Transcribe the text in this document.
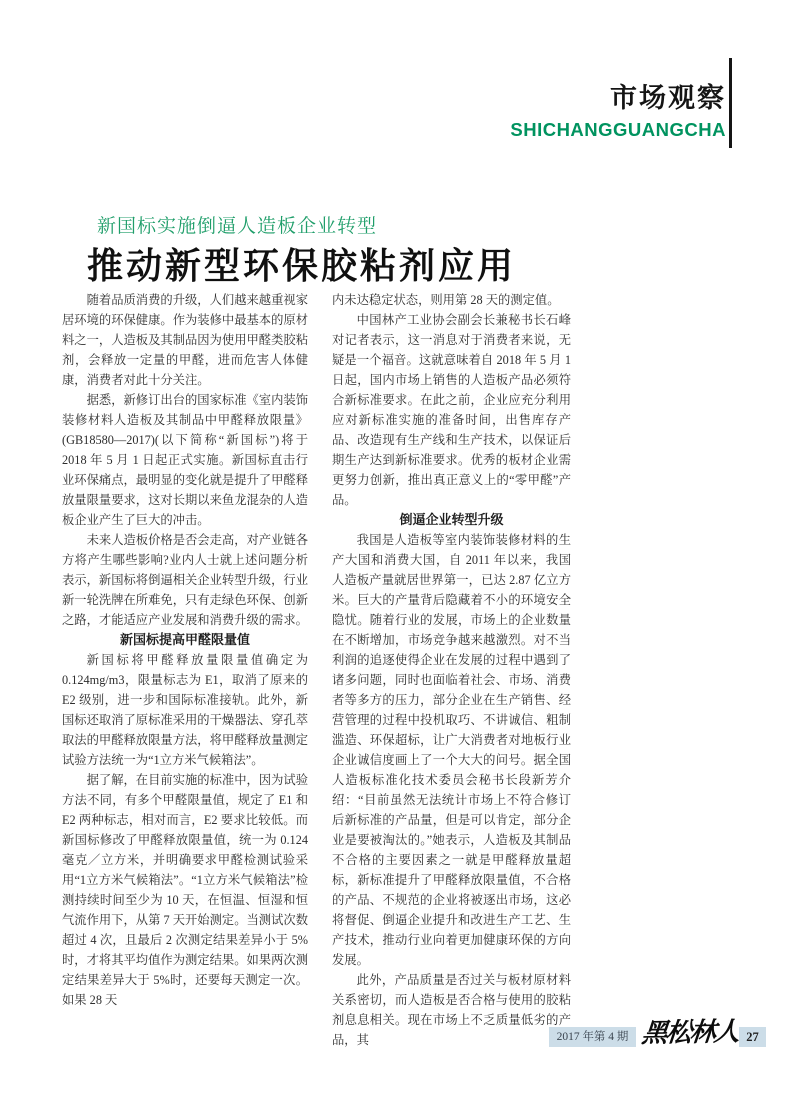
市场观察
SHICHANGGUANGCHA
新国标实施倒逼人造板企业转型
推动新型环保胶粘剂应用

随着品质消费的升级，人们越来越重视家居环境的环保健康。作为装修中最基本的原材料之一，人造板及其制品因为使用甲醛类胶粘剂，会释放一定量的甲醛，进而危害人体健康，消费者对此十分关注。

据悉，新修订出台的国家标准《室内装饰装修材料人造板及其制品中甲醛释放限量》(GB18580—2017)(以下简称“新国标”)将于 2018 年 5 月 1 日起正式实施。新国标直击行业环保痛点，最明显的变化就是提升了甲醛释放量限量要求，这对长期以来鱼龙混杂的人造板企业产生了巨大的冲击。

未来人造板价格是否会走高，对产业链各方将产生哪些影响?业内人士就上述问题分析表示，新国标将倒逼相关企业转型升级，行业新一轮洗牌在所难免，只有走绿色环保、创新之路，才能适应产业发展和消费升级的需求。

新国标提高甲醛限量值

新国标将甲醛释放量限量值确定为0.124mg/m3，限量标志为 E1，取消了原来的 E2 级别，进一步和国际标准接轨。此外，新国标还取消了原标准采用的干燥器法、穿孔萃取法的甲醛释放限量方法，将甲醛释放量测定试验方法统一为“1立方米气候箱法”。

据了解，在目前实施的标准中，因为试验方法不同，有多个甲醛限量值，规定了 E1 和 E2 两种标志，相对而言，E2 要求比较低。而新国标修改了甲醛释放限量值，统一为 0.124 毫克／立方米，并明确要求甲醛检测试验采用“1立方米气候箱法”。“1立方米气候箱法”检测持续时间至少为 10 天，在恒温、恒湿和恒气流作用下，从第 7 天开始测定。当测试次数超过 4 次，且最后 2 次测定结果差异小于 5%时，才将其平均值作为测定结果。如果两次测定结果差异大于 5%时，还要每天测定一次。如果 28 天

内未达稳定状态，则用第 28 天的测定值。

中国林产工业协会副会长兼秘书长石峰对记者表示，这一消息对于消费者来说，无疑是一个福音。这就意味着自 2018 年 5 月 1 日起，国内市场上销售的人造板产品必须符合新标准要求。在此之前，企业应充分利用应对新标准实施的准备时间，出售库存产品、改造现有生产线和生产技术，以保证后期生产达到新标准要求。优秀的板材企业需更努力创新，推出真正意义上的“零甲醛”产品。

倒逼企业转型升级

我国是人造板等室内装饰装修材料的生产大国和消费大国，自 2011 年以来，我国人造板产量就居世界第一，已达 2.87 亿立方米。巨大的产量背后隐藏着不小的环境安全隐忧。随着行业的发展，市场上的企业数量在不断增加，市场竞争越来越激烈。对不当利润的追逐使得企业在发展的过程中遇到了诸多问题，同时也面临着社会、市场、消费者等多方的压力，部分企业在生产销售、经营管理的过程中投机取巧、不讲诚信、粗制滥造、环保超标，让广大消费者对地板行业企业诚信度画上了一个大大的问号。据全国人造板标准化技术委员会秘书长段新芳介绍：“目前虽然无法统计市场上不符合修订后新标准的产品量，但是可以肯定，部分企业是要被淘汰的。”她表示，人造板及其制品不合格的主要因素之一就是甲醛释放量超标，新标准提升了甲醛释放限量值，不合格的产品、不规范的企业将被逐出市场，这必将督促、倒逼企业提升和改进生产工艺、生产技术，推动行业向着更加健康环保的方向发展。

此外，产品质量是否过关与板材原材料关系密切，而人造板是否合格与使用的胶粘剂息息相关。现在市场上不乏质量低劣的产品，其	2017 年第 4 期 黑松林人 27
